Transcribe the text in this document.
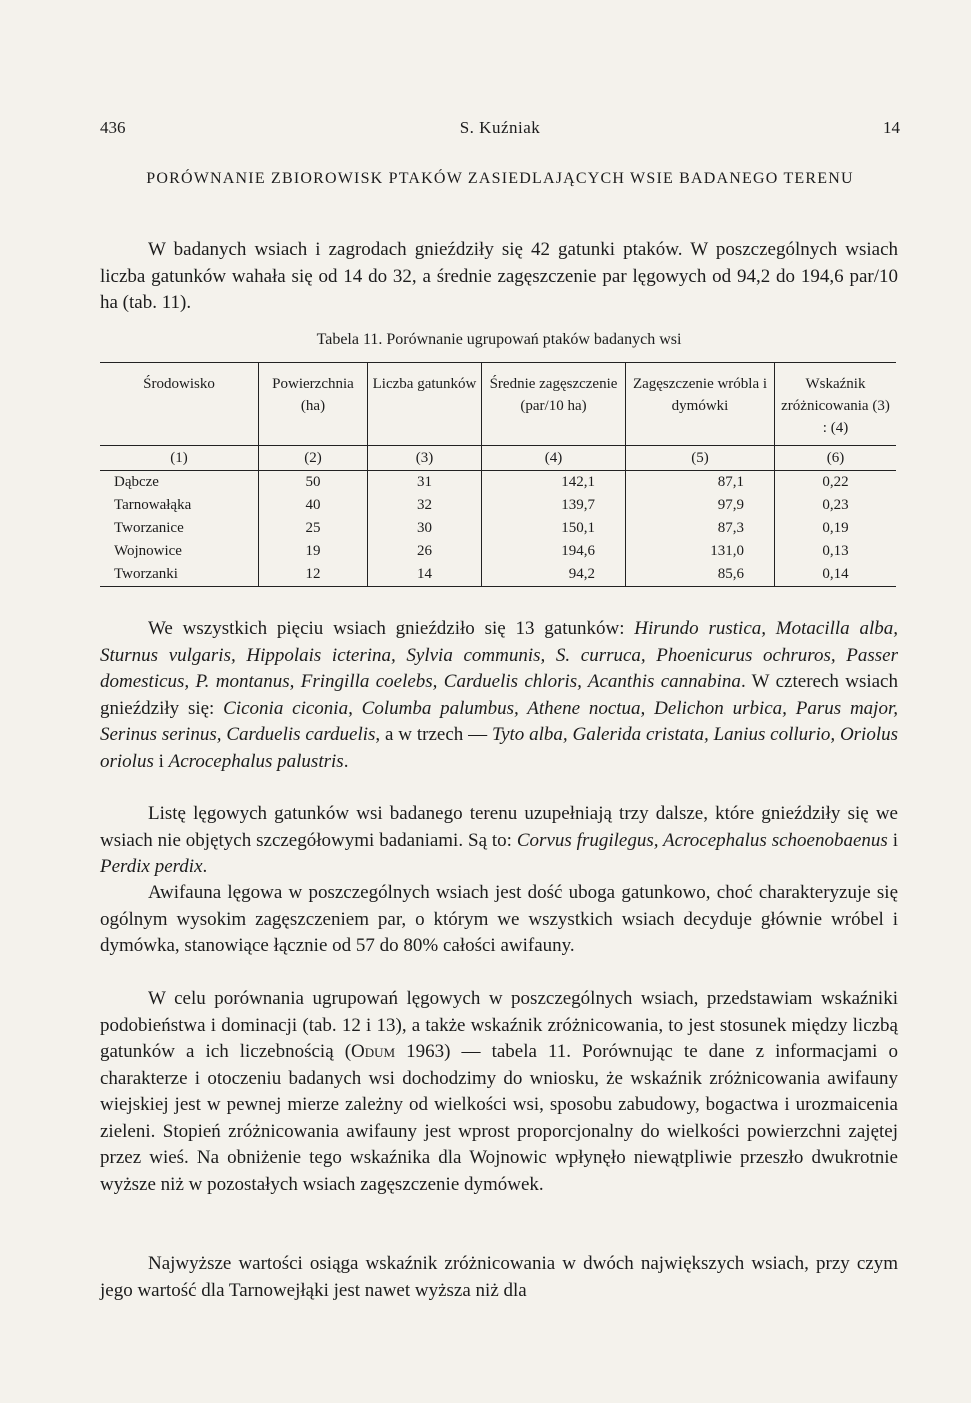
436	S. Kuźniak	14
PORÓWNANIE ZBIOROWISK PTAKÓW ZASIEDLAJĄCYCH WSIE BADANEGO TERENU

W badanych wsiach i zagrodach gnieździły się 42 gatunki ptaków. W poszczególnych wsiach liczba gatunków wahała się od 14 do 32, a średnie zagęszczenie par lęgowych od 94,2 do 194,6 par/10 ha (tab. 11).

Tabela 11. Porównanie ugrupowań ptaków badanych wsi
Środowisko	Powierzchnia (ha)	Liczba gatunków	Średnie zagęszczenie (par/10 ha)	Zagęszczenie wróbla i dymówki	Wskaźnik zróżnicowania (3) : (4)
(1)	(2)	(3)	(4)	(5)	(6)
Dąbcze	50	31	142,1	87,1	0,22
Tarnowałąka	40	32	139,7	97,9	0,23
Tworzanice	25	30	150,1	87,3	0,19
Wojnowice	19	26	194,6	131,0	0,13
Tworzanki	12	14	94,2	85,6	0,14

We wszystkich pięciu wsiach gnieździło się 13 gatunków: Hirundo rustica, Motacilla alba, Sturnus vulgaris, Hippolais icterina, Sylvia communis, S. curruca, Phoenicurus ochruros, Passer domesticus, P. montanus, Fringilla coelebs, Carduelis chloris, Acanthis cannabina. W czterech wsiach gnieździły się: Ciconia ciconia, Columba palumbus, Athene noctua, Delichon urbica, Parus major, Serinus serinus, Carduelis carduelis, a w trzech — Tyto alba, Galerida cristata, Lanius collurio, Oriolus oriolus i Acrocephalus palustris.

Listę lęgowych gatunków wsi badanego terenu uzupełniają trzy dalsze, które gnieździły się we wsiach nie objętych szczegółowymi badaniami. Są to: Corvus frugilegus, Acrocephalus schoenobaenus i Perdix perdix.

Awifauna lęgowa w poszczególnych wsiach jest dość uboga gatunkowo, choć charakteryzuje się ogólnym wysokim zagęszczeniem par, o którym we wszystkich wsiach decyduje głównie wróbel i dymówka, stanowiące łącznie od 57 do 80% całości awifauny.

W celu porównania ugrupowań lęgowych w poszczególnych wsiach, przedstawiam wskaźniki podobieństwa i dominacji (tab. 12 i 13), a także wskaźnik zróżnicowania, to jest stosunek między liczbą gatunków a ich liczebnością (Odum 1963) — tabela 11. Porównując te dane z informacjami o charakterze i otoczeniu badanych wsi dochodzimy do wniosku, że wskaźnik zróżnicowania awifauny wiejskiej jest w pewnej mierze zależny od wielkości wsi, sposobu zabudowy, bogactwa i urozmaicenia zieleni. Stopień zróżnicowania awifauny jest wprost proporcjonalny do wielkości powierzchni zajętej przez wieś. Na obniżenie tego wskaźnika dla Wojnowic wpłynęło niewątpliwie przeszło dwukrotnie wyższe niż w pozostałych wsiach zagęszczenie dymówek.

Najwyższe wartości osiąga wskaźnik zróżnicowania w dwóch największych wsiach, przy czym jego wartość dla Tarnowejłąki jest nawet wyższa niż dla
